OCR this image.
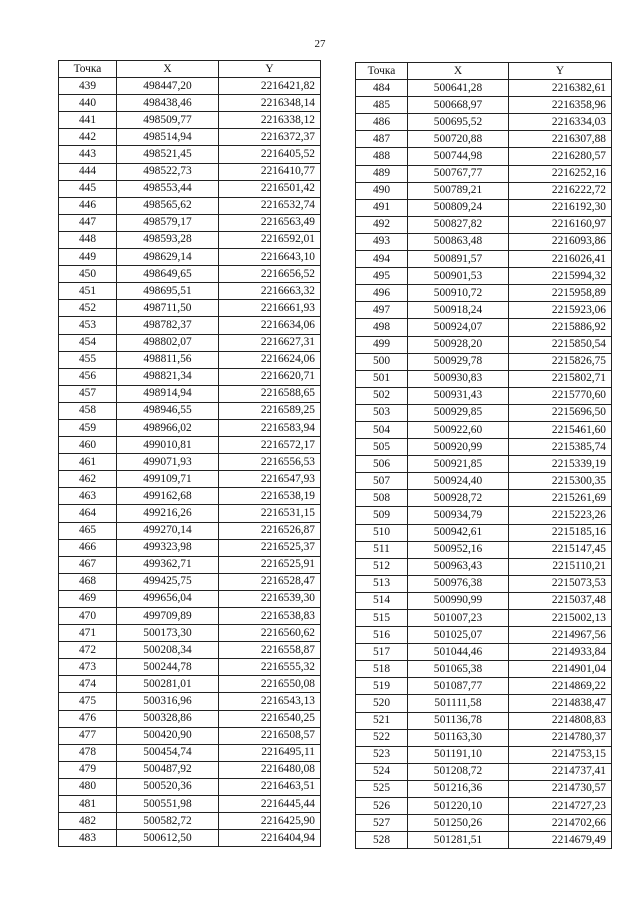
27
Точка	X	Y
439	498447,20	2216421,82
440	498438,46	2216348,14
441	498509,77	2216338,12
442	498514,94	2216372,37
443	498521,45	2216405,52
444	498522,73	2216410,77
445	498553,44	2216501,42
446	498565,62	2216532,74
447	498579,17	2216563,49
448	498593,28	2216592,01
449	498629,14	2216643,10
450	498649,65	2216656,52
451	498695,51	2216663,32
452	498711,50	2216661,93
453	498782,37	2216634,06
454	498802,07	2216627,31
455	498811,56	2216624,06
456	498821,34	2216620,71
457	498914,94	2216588,65
458	498946,55	2216589,25
459	498966,02	2216583,94
460	499010,81	2216572,17
461	499071,93	2216556,53
462	499109,71	2216547,93
463	499162,68	2216538,19
464	499216,26	2216531,15
465	499270,14	2216526,87
466	499323,98	2216525,37
467	499362,71	2216525,91
468	499425,75	2216528,47
469	499656,04	2216539,30
470	499709,89	2216538,83
471	500173,30	2216560,62
472	500208,34	2216558,87
473	500244,78	2216555,32
474	500281,01	2216550,08
475	500316,96	2216543,13
476	500328,86	2216540,25
477	500420,90	2216508,57
478	500454,74	2216495,11
479	500487,92	2216480,08
480	500520,36	2216463,51
481	500551,98	2216445,44
482	500582,72	2216425,90
483	500612,50	2216404,94
Точка	X	Y
484	500641,28	2216382,61
485	500668,97	2216358,96
486	500695,52	2216334,03
487	500720,88	2216307,88
488	500744,98	2216280,57
489	500767,77	2216252,16
490	500789,21	2216222,72
491	500809,24	2216192,30
492	500827,82	2216160,97
493	500863,48	2216093,86
494	500891,57	2216026,41
495	500901,53	2215994,32
496	500910,72	2215958,89
497	500918,24	2215923,06
498	500924,07	2215886,92
499	500928,20	2215850,54
500	500929,78	2215826,75
501	500930,83	2215802,71
502	500931,43	2215770,60
503	500929,85	2215696,50
504	500922,60	2215461,60
505	500920,99	2215385,74
506	500921,85	2215339,19
507	500924,40	2215300,35
508	500928,72	2215261,69
509	500934,79	2215223,26
510	500942,61	2215185,16
511	500952,16	2215147,45
512	500963,43	2215110,21
513	500976,38	2215073,53
514	500990,99	2215037,48
515	501007,23	2215002,13
516	501025,07	2214967,56
517	501044,46	2214933,84
518	501065,38	2214901,04
519	501087,77	2214869,22
520	501111,58	2214838,47
521	501136,78	2214808,83
522	501163,30	2214780,37
523	501191,10	2214753,15
524	501208,72	2214737,41
525	501216,36	2214730,57
526	501220,10	2214727,23
527	501250,26	2214702,66
528	501281,51	2214679,49
